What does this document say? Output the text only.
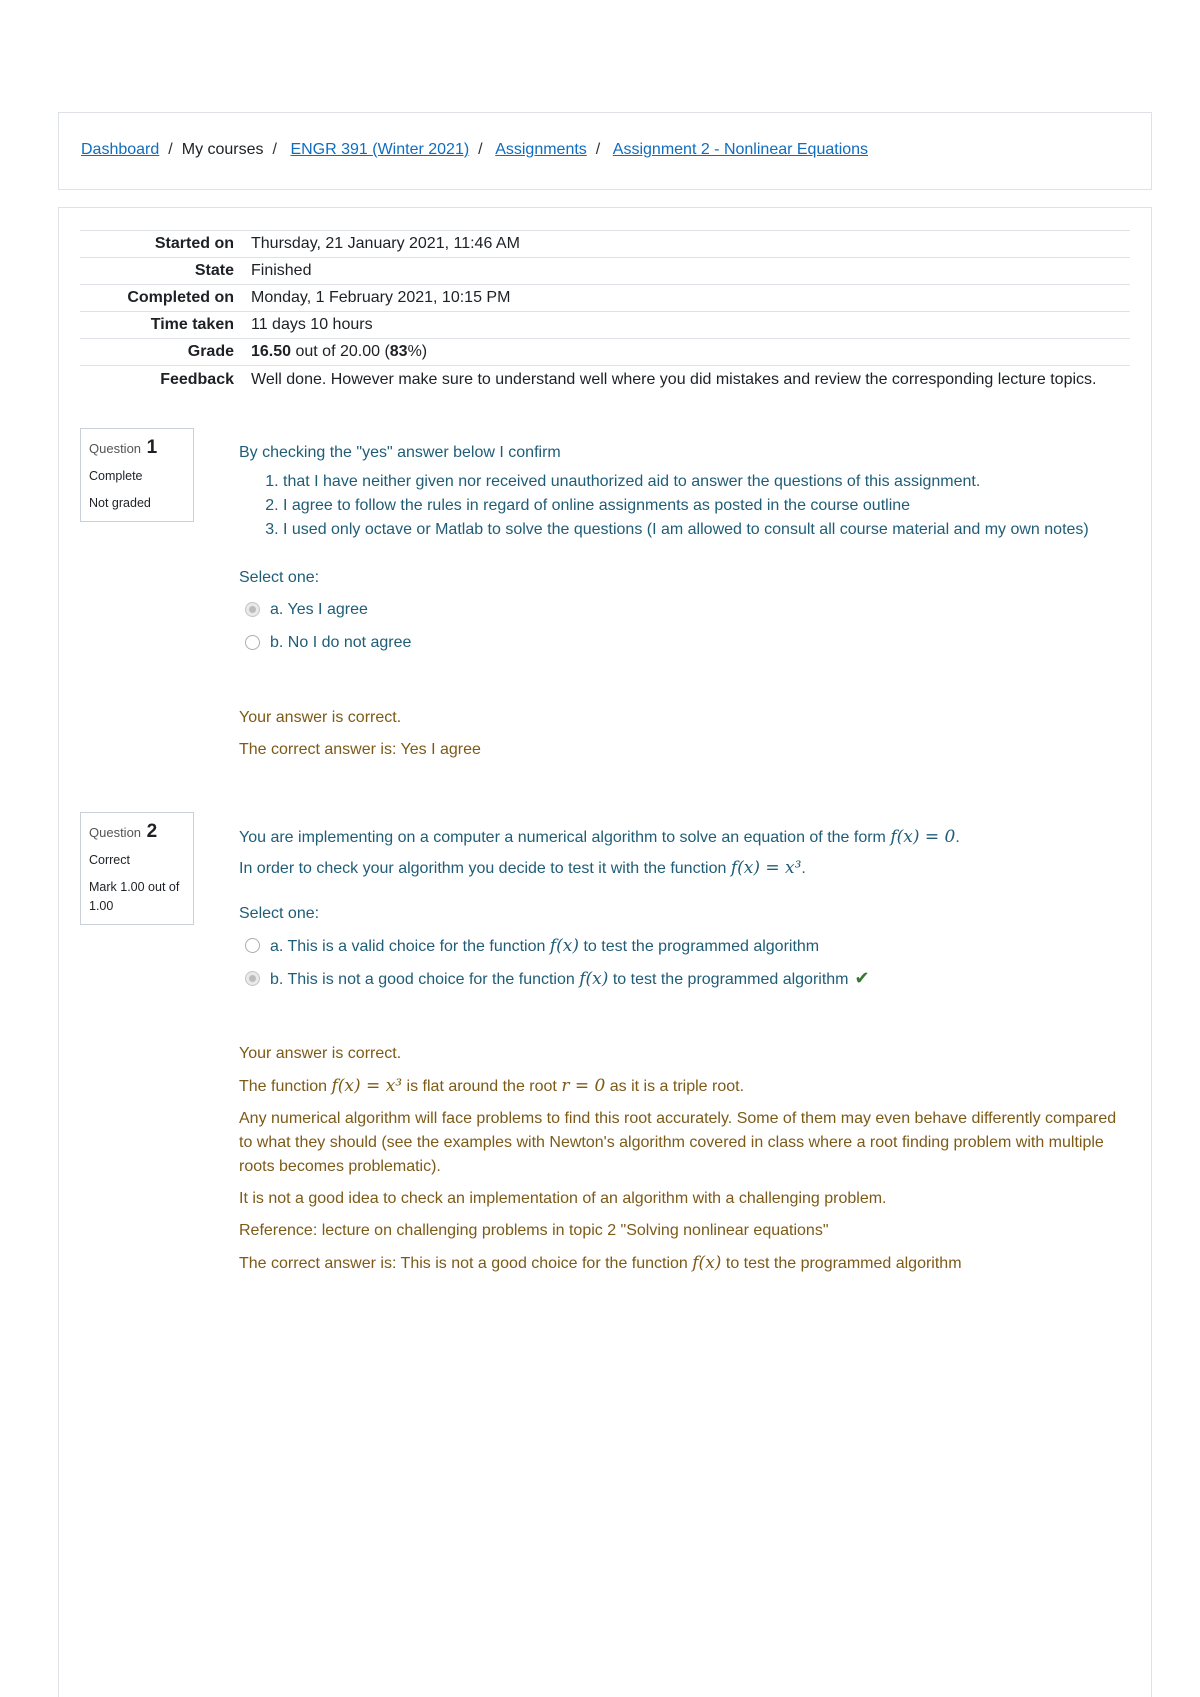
Dashboard / My courses / ENGR 391 (Winter 2021) / Assignments / Assignment 2 - Nonlinear Equations
Started on	Thursday, 21 January 2021, 11:46 AM
State	Finished
Completed on	Monday, 1 February 2021, 10:15 PM
Time taken	11 days 10 hours
Grade	16.50 out of 20.00 (83%)
Feedback	Well done. However make sure to understand well where you did mistakes and review the corresponding lecture topics.
Question 1
Complete
Not graded

By checking the "yes" answer below I confirm

1. that I have neither given nor received unauthorized aid to answer the questions of this assignment.
2. I agree to follow the rules in regard of online assignments as posted in the course outline
3. I used only octave or Matlab to solve the questions (I am allowed to consult all course material and my own notes)

Select one:

a. Yes I agree
b. No I do not agree

Your answer is correct.

The correct answer is: Yes I agree

Question 2
Correct
Mark 1.00 out of 1.00

You are implementing on a computer a numerical algorithm to solve an equation of the form f(x) = 0.

In order to check your algorithm you decide to test it with the function f(x) = x³.

Select one:

a. This is a valid choice for the function f(x) to test the programmed algorithm
b. This is not a good choice for the function f(x) to test the programmed algorithm ✔

Your answer is correct.

The function f(x) = x³ is flat around the root r = 0 as it is a triple root.

Any numerical algorithm will face problems to find this root accurately. Some of them may even behave differently compared to what they should (see the examples with Newton's algorithm covered in class where a root finding problem with multiple roots becomes problematic).

It is not a good idea to check an implementation of an algorithm with a challenging problem.

Reference: lecture on challenging problems in topic 2 "Solving nonlinear equations"

The correct answer is: This is not a good choice for the function f(x) to test the programmed algorithm
